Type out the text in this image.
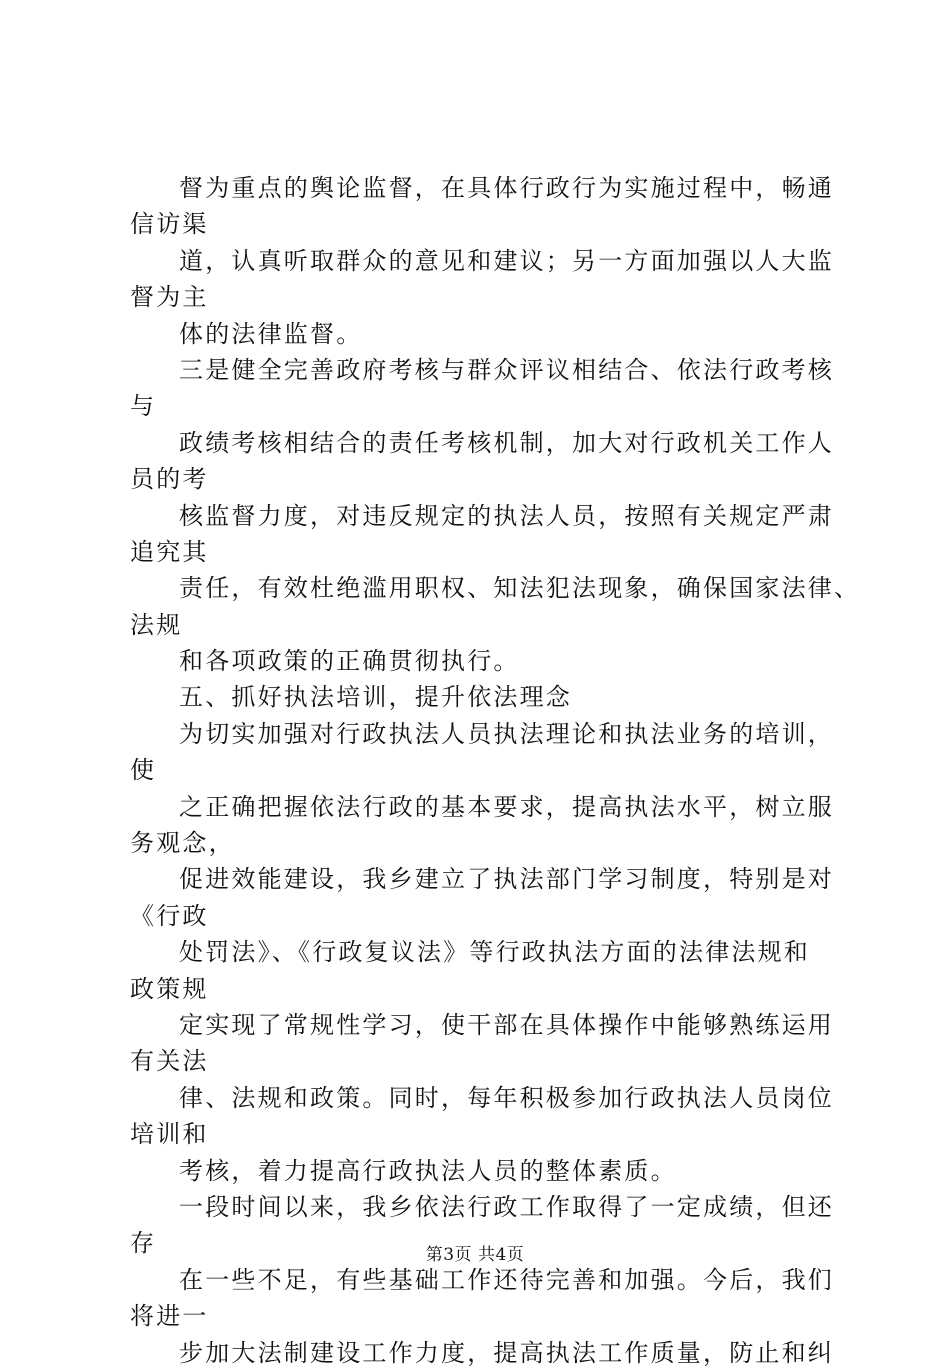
督为重点的舆论监督，在具体行政行为实施过程中，畅通
信访渠
道，认真听取群众的意见和建议；另一方面加强以人大监
督为主
体的法律监督。
三是健全完善政府考核与群众评议相结合、依法行政考核
与
政绩考核相结合的责任考核机制，加大对行政机关工作人
员的考
核监督力度，对违反规定的执法人员，按照有关规定严肃
追究其
责任，有效杜绝滥用职权、知法犯法现象，确保国家法律、
法规
和各项政策的正确贯彻执行。
五、抓好执法培训，提升依法理念
为切实加强对行政执法人员执法理论和执法业务的培训，
使
之正确把握依法行政的基本要求，提高执法水平，树立服
务观念，
促进效能建设，我乡建立了执法部门学习制度，特别是对
《行政
处罚法》、《行政复议法》等行政执法方面的法律法规和
政策规
定实现了常规性学习，使干部在具体操作中能够熟练运用
有关法
律、法规和政策。同时，每年积极参加行政执法人员岗位
培训和
考核，着力提高行政执法人员的整体素质。
一段时间以来，我乡依法行政工作取得了一定成绩，但还
存
在一些不足，有些基础工作还待完善和加强。今后，我们
将进一
步加大法制建设工作力度，提高执法工作质量，防止和纠
第3页 共4页
